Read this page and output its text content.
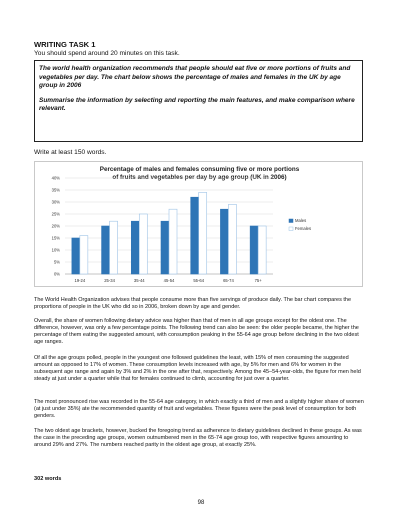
WRITING TASK 1

You should spend around 20 minutes on this task.

The world health organization recommends that people should eat five or more portions of fruits and vegetables per day. The chart below shows the percentage of males and females in the UK by age group in 2006

Summarise the information by selecting and reporting the main features, and make comparison where relevant.

Write at least 150 words.

Percentage of males and females consuming five or more portions
of fruits and vegetables per day by age group (UK in 2006)
0%
5%
10%
15%
20%
25%
30%
35%
40%
19-24	25-34	35-44	45-54	55-64	65-74	75+
Males
Females

The World Health Organization advises that people consume more than five servings of produce daily. The bar chart compares the proportions of people in the UK who did so in 2006, broken down by age and gender.

Overall, the share of women following dietary advice was higher than that of men in all age groups except for the oldest one. The difference, however, was only a few percentage points. The following trend can also be seen: the older people became, the higher the percentage of them eating the suggested amount, with consumption peaking in the 55-64 age group before declining in the two oldest age ranges.

Of all the age groups polled, people in the youngest one followed guidelines the least, with 15% of men consuming the suggested amount as opposed to 17% of women. These consumption levels increased with age, by 5% for men and 6% for women in the subsequent age range and again by 3% and 2% in the one after that, respectively. Among the 45–54-year-olds, the figure for men held steady at just under a quarter while that for females continued to climb, accounting for just over a quarter.

The most pronounced rise was recorded in the 55-64 age category, in which exactly a third of men and a slightly higher share of women (at just under 35%) ate the recommended quantity of fruit and vegetables. These figures were the peak level of consumption for both genders.

The two oldest age brackets, however, bucked the foregoing trend as adherence to dietary guidelines declined in these groups. As was the case in the preceding age groups, women outnumbered men in the 65-74 age group too, with respective figures amounting to around 29% and 27%. The numbers reached parity in the oldest age group, at exactly 25%.

302 words

98
